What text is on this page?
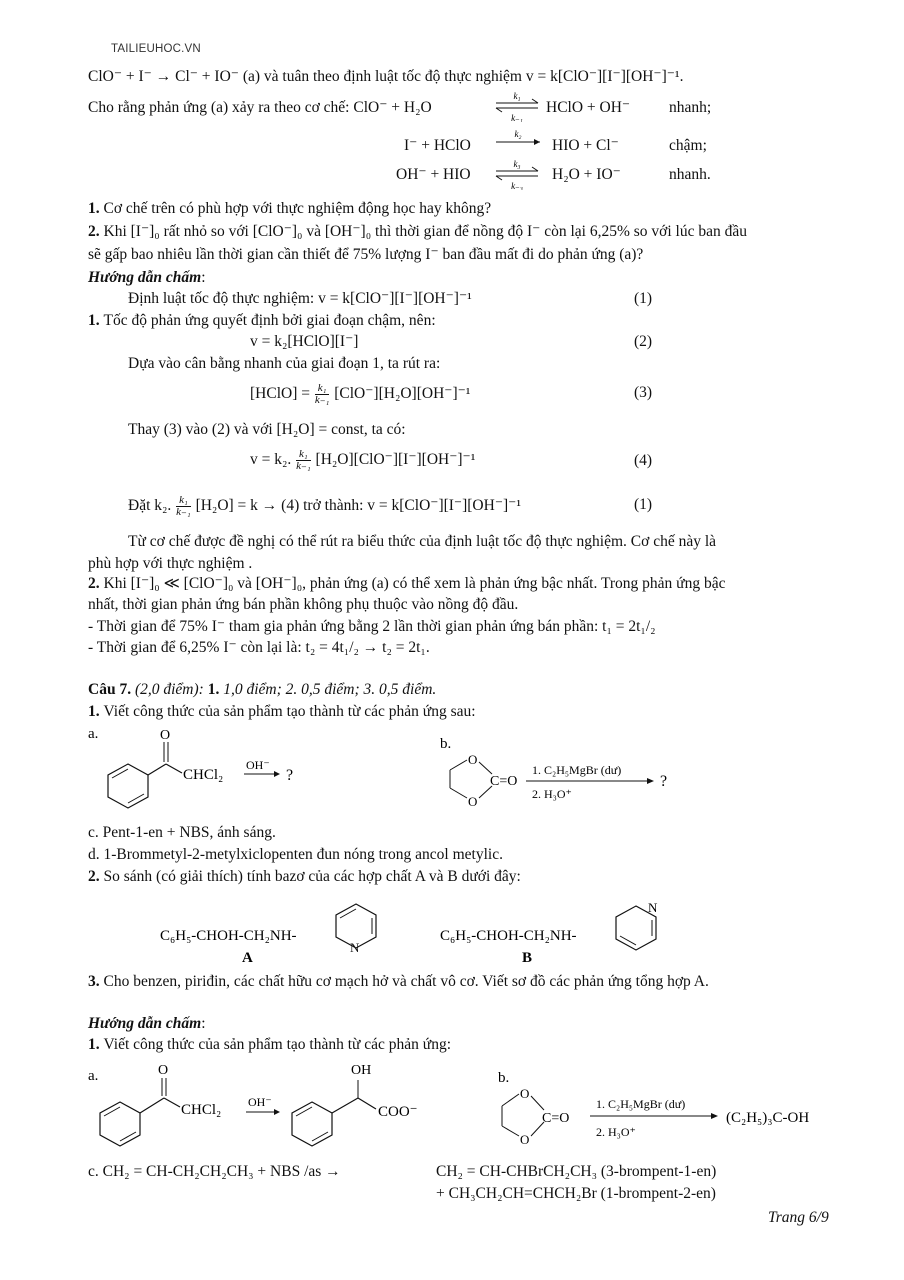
TAILIEUHOC.VN
ClO⁻ + I⁻ → Cl⁻ + IO⁻ (a) và tuân theo định luật tốc độ thực nghiệm v = k[ClO⁻][I⁻][OH⁻]⁻¹.
Cho rằng phản ứng (a) xảy ra theo cơ chế: ClO⁻ + H₂O
k₁
k₋₁
HClO + OH⁻	nhanh;
I⁻ + HClO
k₂
HIO + Cl⁻	chậm;
OH⁻ + HIO
k₃
k₋₃
H₂O + IO⁻	nhanh.
1. Cơ chế trên có phù hợp với thực nghiệm động học hay không?
2. Khi [I⁻]₀ rất nhỏ so với [ClO⁻]₀ và [OH⁻]₀ thì thời gian để nồng độ I⁻ còn lại 6,25% so với lúc ban đầu
sẽ gấp bao nhiêu lần thời gian cần thiết để 75% lượng I⁻ ban đầu mất đi do phản ứng (a)?
Hướng dẫn chấm:
Định luật tốc độ thực nghiệm: v = k[ClO⁻][I⁻][OH⁻]⁻¹	(1)
1. Tốc độ phản ứng quyết định bởi giai đoạn chậm, nên:
v = k₂[HClO][I⁻]	(2)
Dựa vào cân bằng nhanh của giai đoạn 1, ta rút ra:
[HClO] = $\frac{\text{k₁}}{\text{k₋₁}} [ClO^-][H_2O][OH^-]^{-1}$	(3)
Thay (3) vào (2) và với [H₂O] = const, ta có:
v = k₂. $\frac{\text{k₁}}{\text{k₋₁}} [H_2O][ClO^-][I^-][OH^-]^{-1}$	(4)
Đặt k₂. $\frac{\text{k₁}}{\text{k₋₁}} [H_2O] = k \to (4)$ trở thành: v = k[ClO⁻][I⁻][OH⁻]⁻¹	(1)
Từ cơ chế được đề nghị có thể rút ra biểu thức của định luật tốc độ thực nghiệm. Cơ chế này là
phù hợp với thực nghiệm .
2. Khi [I⁻]₀ ≪ [ClO⁻]₀ và [OH⁻]₀, phản ứng (a) có thể xem là phản ứng bậc nhất. Trong phản ứng bậc
nhất, thời gian phản ứng bán phần không phụ thuộc vào nồng độ đầu.
- Thời gian để 75% I⁻ tham gia phản ứng bằng 2 lần thời gian phản ứng bán phần: t₁ = 2t₁/₂
- Thời gian để 6,25% I⁻ còn lại là: t₂ = 4t₁/₂ → t₂ = 2t₁.
Câu 7. (2,0 điểm): 1. 1,0 điểm; 2. 0,5 điểm; 3. 0,5 điểm.
1. Viết công thức của sản phẩm tạo thành từ các phản ứng sau:
a.	O
CHCl₂
OH⁻
?
b.
O
O
C=O
1. C₂H₅MgBr (dư)
2. H₃O⁺
?
c. Pent-1-en + NBS, ánh sáng.
d. 1-Brommetyl-2-metylxiclopenten đun nóng trong ancol metylic.
2. So sánh (có giải thích) tính bazơ của các hợp chất A và B dưới đây:
C₆H₅-CHOH-CH₂NH-
N
A
C₆H₅-CHOH-CH₂NH-
N
B
3. Cho benzen, piriđin, các chất hữu cơ mạch hở và chất vô cơ. Viết sơ đồ các phản ứng tổng hợp A.
Hướng dẫn chấm:
1. Viết công thức của sản phẩm tạo thành từ các phản ứng:
a.	O
CHCl₂ OH⁻
OH
COO⁻
b.
O
O
C=O
1. C₂H₅MgBr (dư)
2. H₃O⁺
(C₂H₅)₃C-OH
c. CH₂ = CH-CH₂CH₂CH₃ + NBS /as →	CH₂ = CH-CHBrCH₂CH₃ (3-brompent-1-en)
+ CH₃CH₂CH=CHCH₂Br (1-brompent-2-en)
Trang 6/9
